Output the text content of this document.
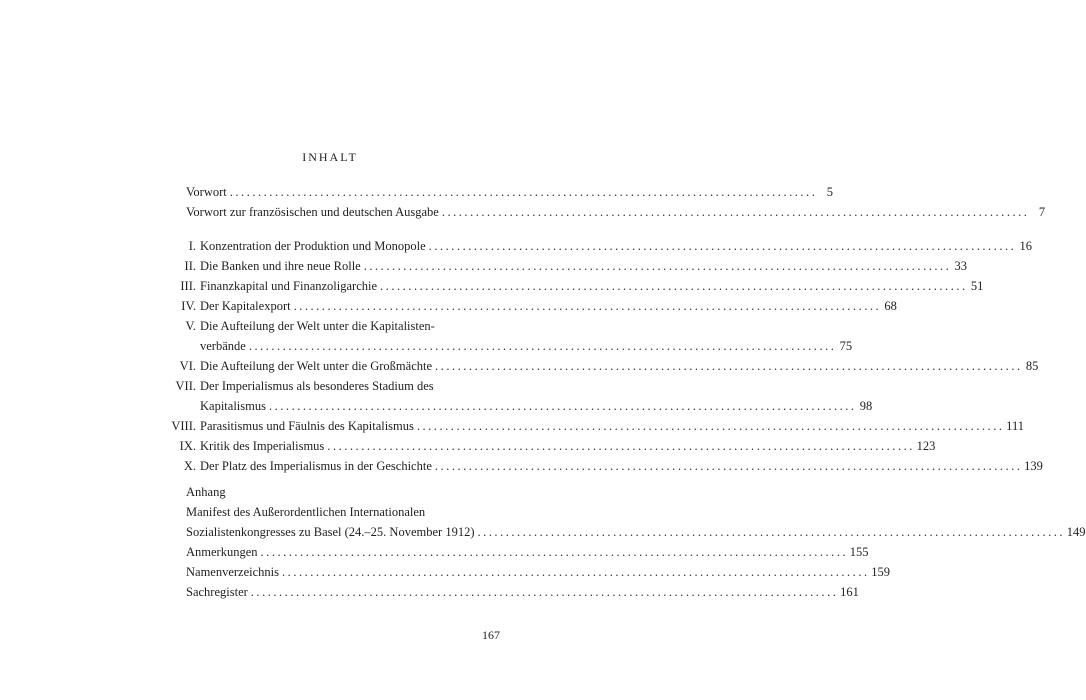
INHALT
Vorwort . . .	5
Vorwort zur französischen und deutschen Ausgabe . . .	7
I. Konzentration der Produktion und Monopole . . .	16
II. Die Banken und ihre neue Rolle . . .	33
III. Finanzkapital und Finanzoligarchie . . .	51
IV. Der Kapitalexport . . .	68
V. Die Aufteilung der Welt unter die Kapitalisten-
verbände . . .	75
VI. Die Aufteilung der Welt unter die Großmächte . . .	85
VII. Der Imperialismus als besonderes Stadium des
Kapitalismus . . .	98
VIII. Parasitismus und Fäulnis des Kapitalismus . . .	111
IX. Kritik des Imperialismus . . .	123
X. Der Platz des Imperialismus in der Geschichte . . .	139
Anhang
Manifest des Außerordentlichen Internationalen
Sozialistenkongresses zu Basel (24.–25. November 1912) . . .	149
Anmerkungen . . .	155
Namenverzeichnis . . .	159
Sachregister . . .	161
167
